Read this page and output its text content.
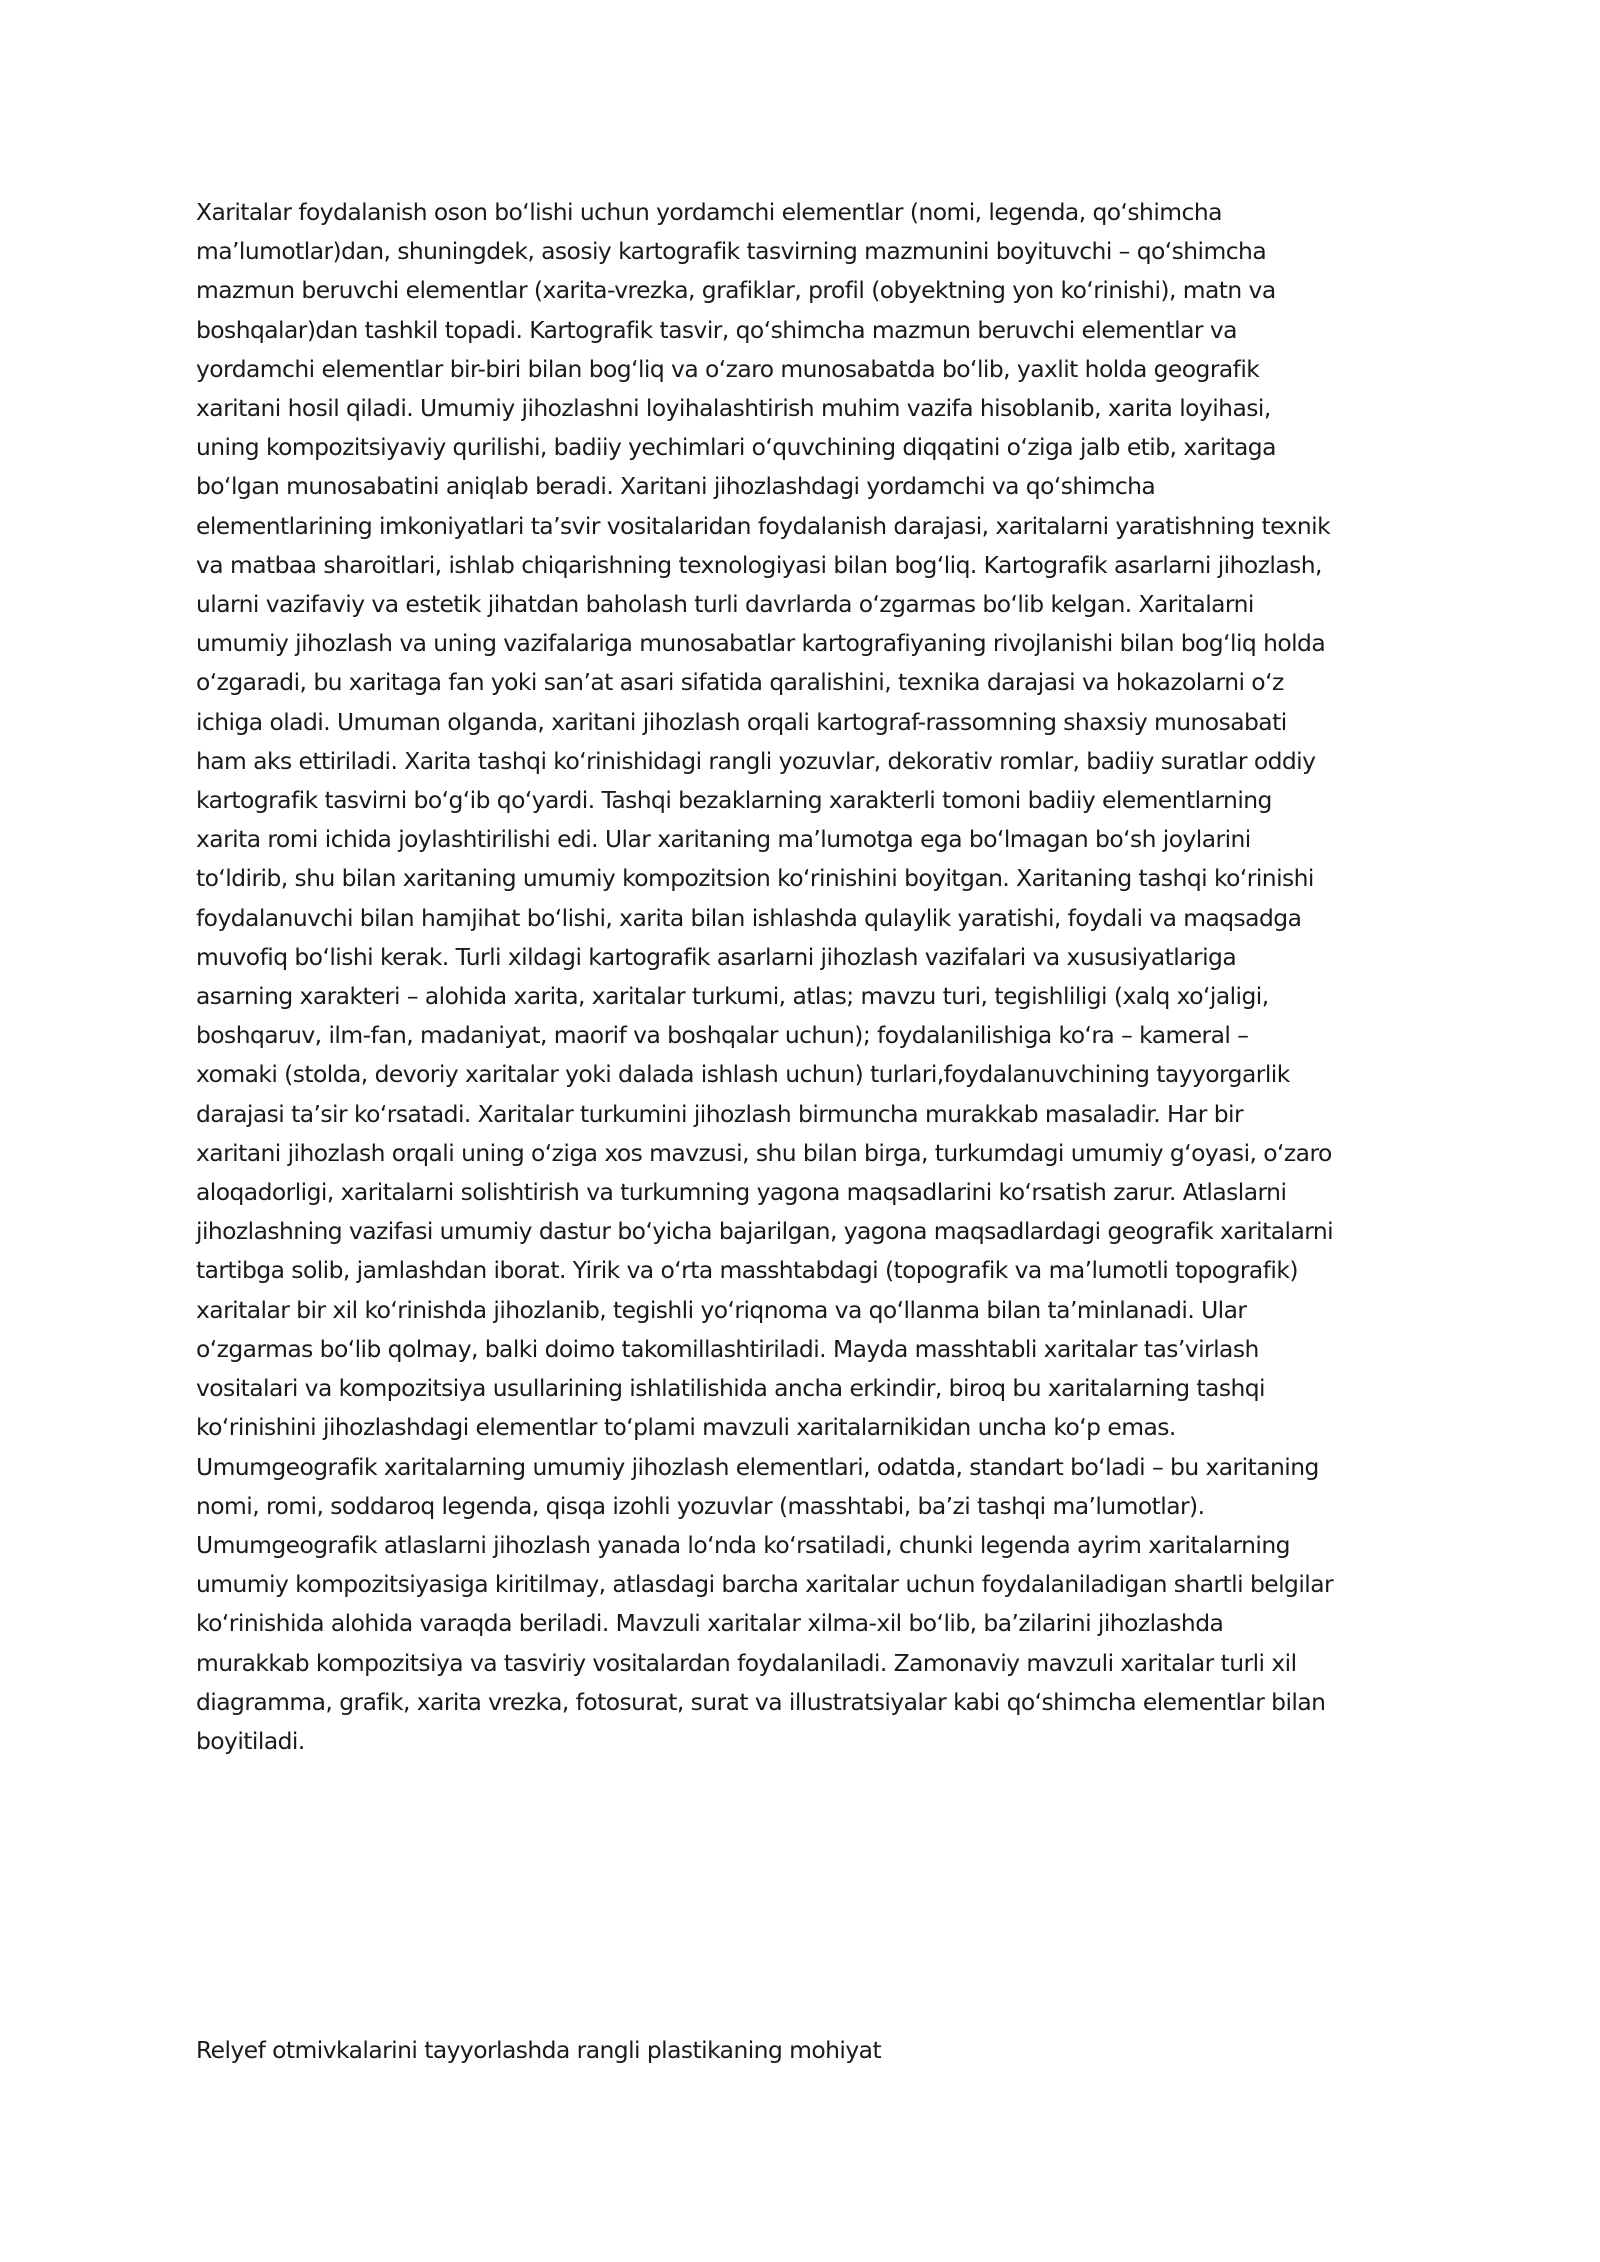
Xaritalar foydalanish oson bo‘lishi uchun yordamchi elementlar (nomi, legenda, qo‘shimcha
ma’lumotlar)dan, shuningdek, asosiy kartografik tasvirning mazmunini boyituvchi – qo‘shimcha
mazmun beruvchi elementlar (xarita-vrezka, grafiklar, profil (obyektning yon ko‘rinishi), matn va
boshqalar)dan tashkil topadi. Kartografik tasvir, qo‘shimcha mazmun beruvchi elementlar va
yordamchi elementlar bir-biri bilan bog‘liq va o‘zaro munosabatda bo‘lib, yaxlit holda geografik
xaritani hosil qiladi. Umumiy jihozlashni loyihalashtirish muhim vazifa hisoblanib, xarita loyihasi,
uning kompozitsiyaviy qurilishi, badiiy yechimlari o‘quvchining diqqatini o‘ziga jalb etib, xaritaga
bo‘lgan munosabatini aniqlab beradi. Xaritani jihozlashdagi yordamchi va qo‘shimcha
elementlarining imkoniyatlari ta’svir vositalaridan foydalanish darajasi, xaritalarni yaratishning texnik
va matbaa sharoitlari, ishlab chiqarishning texnologiyasi bilan bog‘liq. Kartografik asarlarni jihozlash,
ularni vazifaviy va estetik jihatdan baholash turli davrlarda o‘zgarmas bo‘lib kelgan. Xaritalarni
umumiy jihozlash va uning vazifalariga munosabatlar kartografiyaning rivojlanishi bilan bog‘liq holda
o‘zgaradi, bu xaritaga fan yoki san’at asari sifatida qaralishini, texnika darajasi va hokazolarni o‘z
ichiga oladi. Umuman olganda, xaritani jihozlash orqali kartograf-rassomning shaxsiy munosabati
ham aks ettiriladi. Xarita tashqi ko‘rinishidagi rangli yozuvlar, dekorativ romlar, badiiy suratlar oddiy
kartografik tasvirni bo‘g‘ib qo‘yardi. Tashqi bezaklarning xarakterli tomoni badiiy elementlarning
xarita romi ichida joylashtirilishi edi. Ular xaritaning ma’lumotga ega bo‘lmagan bo‘sh joylarini
to‘ldirib, shu bilan xaritaning umumiy kompozitsion ko‘rinishini boyitgan. Xaritaning tashqi ko‘rinishi
foydalanuvchi bilan hamjihat bo‘lishi, xarita bilan ishlashda qulaylik yaratishi, foydali va maqsadga
muvofiq bo‘lishi kerak. Turli xildagi kartografik asarlarni jihozlash vazifalari va xususiyatlariga
asarning xarakteri – alohida xarita, xaritalar turkumi, atlas; mavzu turi, tegishliligi (xalq xo‘jaligi,
boshqaruv, ilm-fan, madaniyat, maorif va boshqalar uchun); foydalanilishiga ko‘ra – kameral –
xomaki (stolda, devoriy xaritalar yoki dalada ishlash uchun) turlari,foydalanuvchining tayyorgarlik
darajasi ta’sir ko‘rsatadi. Xaritalar turkumini jihozlash birmuncha murakkab masaladir. Har bir
xaritani jihozlash orqali uning o‘ziga xos mavzusi, shu bilan birga, turkumdagi umumiy g‘oyasi, o‘zaro
aloqadorligi, xaritalarni solishtirish va turkumning yagona maqsadlarini ko‘rsatish zarur. Atlaslarni
jihozlashning vazifasi umumiy dastur bo‘yicha bajarilgan, yagona maqsadlardagi geografik xaritalarni
tartibga solib, jamlashdan iborat. Yirik va o‘rta masshtabdagi (topografik va ma’lumotli topografik)
xaritalar bir xil ko‘rinishda jihozlanib, tegishli yo‘riqnoma va qo‘llanma bilan ta’minlanadi. Ular
o‘zgarmas bo‘lib qolmay, balki doimo takomillashtiriladi. Mayda masshtabli xaritalar tas’virlash
vositalari va kompozitsiya usullarining ishlatilishida ancha erkindir, biroq bu xaritalarning tashqi
ko‘rinishini jihozlashdagi elementlar to‘plami mavzuli xaritalarnikidan uncha ko‘p emas.
Umumgeografik xaritalarning umumiy jihozlash elementlari, odatda, standart bo‘ladi – bu xaritaning
nomi, romi, soddaroq legenda, qisqa izohli yozuvlar (masshtabi, ba’zi tashqi ma’lumotlar).
Umumgeografik atlaslarni jihozlash yanada lo‘nda ko‘rsatiladi, chunki legenda ayrim xaritalarning
umumiy kompozitsiyasiga kiritilmay, atlasdagi barcha xaritalar uchun foydalaniladigan shartli belgilar
ko‘rinishida alohida varaqda beriladi. Mavzuli xaritalar xilma-xil bo‘lib, ba’zilarini jihozlashda
murakkab kompozitsiya va tasviriy vositalardan foydalaniladi. Zamonaviy mavzuli xaritalar turli xil
diagramma, grafik, xarita vrezka, fotosurat, surat va illustratsiyalar kabi qo‘shimcha elementlar bilan
boyitiladi.

Relyef otmivkalarini tayyorlashda rangli plastikaning mohiyat
